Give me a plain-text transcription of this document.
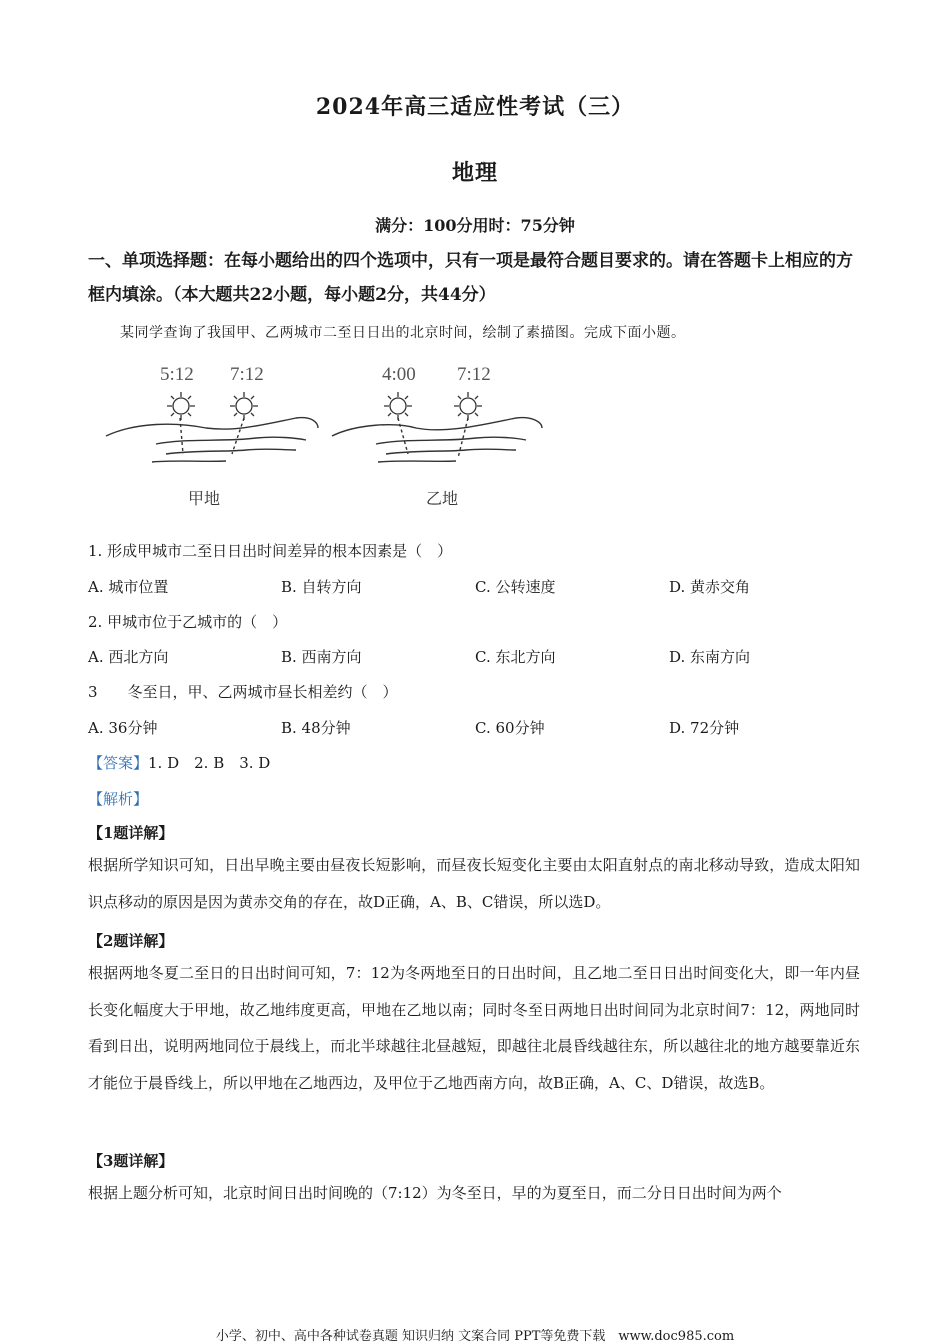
2024年高三适应性考试（三）
地理
满分：100分用时：75分钟
一、单项选择题：在每小题给出的四个选项中，只有一项是最符合题目要求的。请在答题卡上相应的方框内填涂。（本大题共22小题，每小题2分，共44分）
某同学查询了我国甲、乙两城市二至日日出的北京时间，绘制了素描图。完成下面小题。
5:12 7:12	4:00 7:12
甲地	乙地
1. 形成甲城市二至日日出时间差异的根本因素是（　）
A. 城市位置	B. 自转方向	C. 公转速度	D. 黄赤交角
2. 甲城市位于乙城市的（　）
A. 西北方向	B. 西南方向	C. 东北方向	D. 东南方向
3　　冬至日，甲、乙两城市昼长相差约（　）
A. 36分钟	B. 48分钟	C. 60分钟	D. 72分钟
【答案】1. D　2. B　3. D
【解析】
【1题详解】
根据所学知识可知，日出早晚主要由昼夜长短影响，而昼夜长短变化主要由太阳直射点的南北移动导致，造成太阳知识点移动的原因是因为黄赤交角的存在，故D正确，A、B、C错误，所以选D。
【2题详解】
根据两地冬夏二至日的日出时间可知，7：12为冬两地至日的日出时间，且乙地二至日日出时间变化大，即一年内昼长变化幅度大于甲地，故乙地纬度更高，甲地在乙地以南；同时冬至日两地日出时间同为北京时间7：12，两地同时看到日出，说明两地同位于晨线上，而北半球越往北昼越短，即越往北晨昏线越往东，所以越往北的地方越要靠近东才能位于晨昏线上，所以甲地在乙地西边，及甲位于乙地西南方向，故B正确，A、C、D错误，故选B。
【3题详解】
根据上题分析可知，北京时间日出时间晚的（7:12）为冬至日，早的为夏至日，而二分日日出时间为两个
小学、初中、高中各种试卷真题 知识归纳 文案合同 PPT等免费下载　www.doc985.com
